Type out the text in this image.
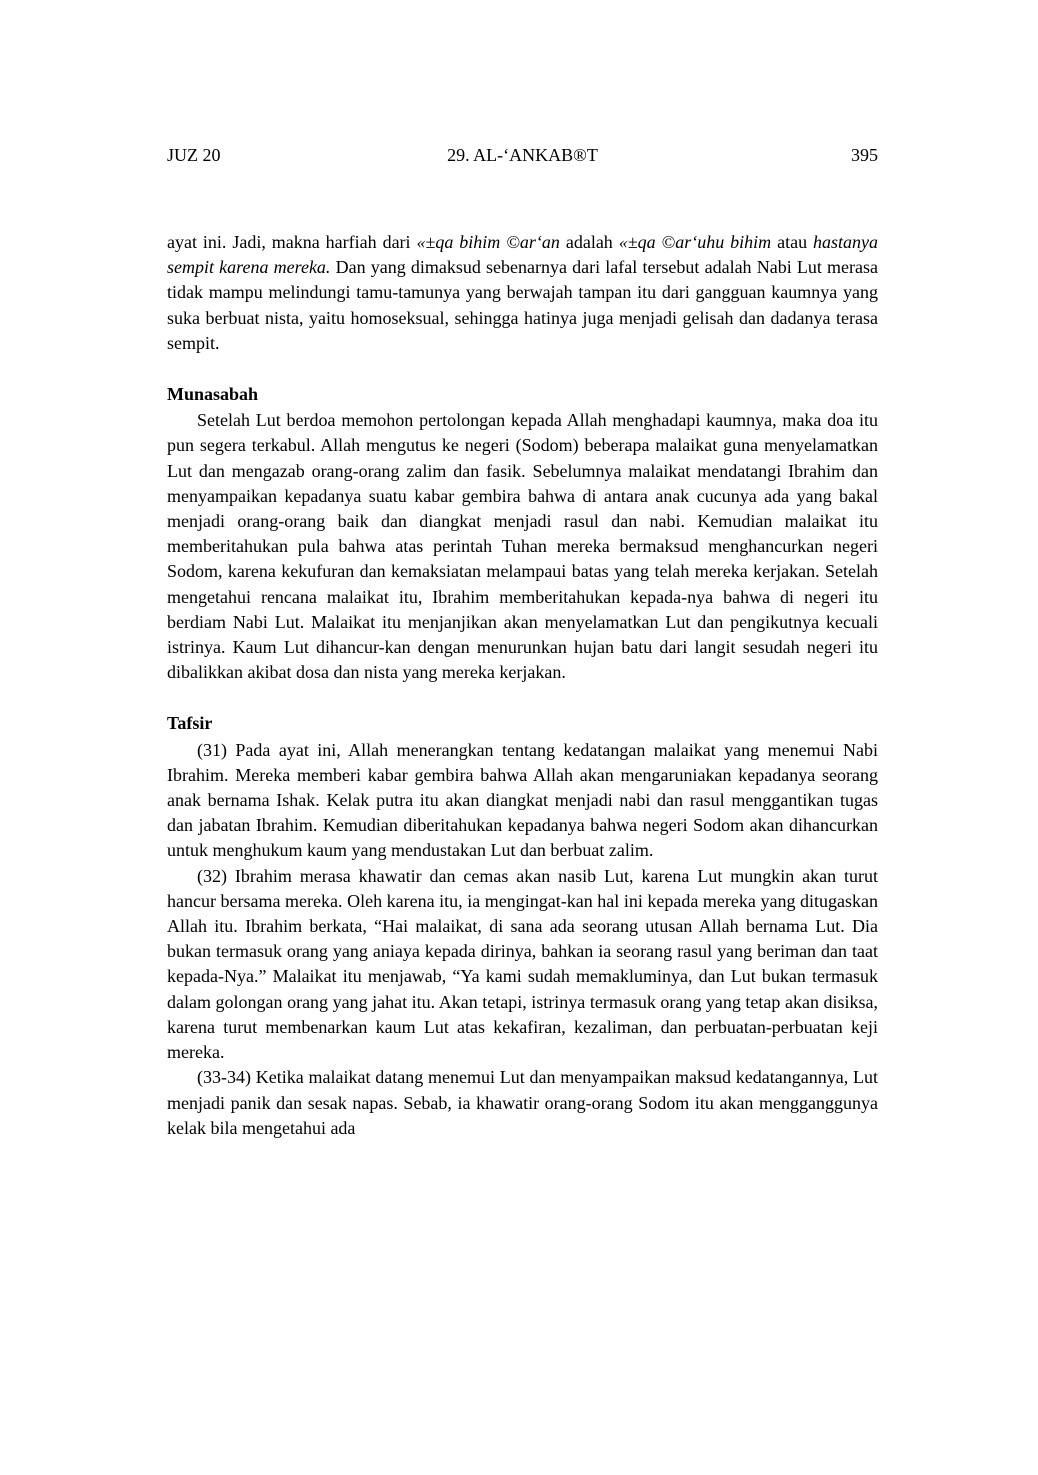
JUZ 20	29. AL-‘ANKAB®T	395

ayat ini. Jadi, makna harfiah dari «±qa bihim ©ar‘an adalah «±qa ©ar‘uhu bihim atau hastanya sempit karena mereka. Dan yang dimaksud sebenarnya dari lafal tersebut adalah Nabi Lut merasa tidak mampu melindungi tamu-tamunya yang berwajah tampan itu dari gangguan kaumnya yang suka berbuat nista, yaitu homoseksual, sehingga hatinya juga menjadi gelisah dan dadanya terasa sempit.

Munasabah

Setelah Lut berdoa memohon pertolongan kepada Allah menghadapi kaumnya, maka doa itu pun segera terkabul. Allah mengutus ke negeri (Sodom) beberapa malaikat guna menyelamatkan Lut dan mengazab orang-orang zalim dan fasik. Sebelumnya malaikat mendatangi Ibrahim dan menyampaikan kepadanya suatu kabar gembira bahwa di antara anak cucunya ada yang bakal menjadi orang-orang baik dan diangkat menjadi rasul dan nabi. Kemudian malaikat itu memberitahukan pula bahwa atas perintah Tuhan mereka bermaksud menghancurkan negeri Sodom, karena kekufuran dan kemaksiatan melampaui batas yang telah mereka kerjakan. Setelah mengetahui rencana malaikat itu, Ibrahim memberitahukan kepada-nya bahwa di negeri itu berdiam Nabi Lut. Malaikat itu menjanjikan akan menyelamatkan Lut dan pengikutnya kecuali istrinya. Kaum Lut dihancur-kan dengan menurunkan hujan batu dari langit sesudah negeri itu dibalikkan akibat dosa dan nista yang mereka kerjakan.

Tafsir

(31) Pada ayat ini, Allah menerangkan tentang kedatangan malaikat yang menemui Nabi Ibrahim. Mereka memberi kabar gembira bahwa Allah akan mengaruniakan kepadanya seorang anak bernama Ishak. Kelak putra itu akan diangkat menjadi nabi dan rasul menggantikan tugas dan jabatan Ibrahim. Kemudian diberitahukan kepadanya bahwa negeri Sodom akan dihancurkan untuk menghukum kaum yang mendustakan Lut dan berbuat zalim.

(32) Ibrahim merasa khawatir dan cemas akan nasib Lut, karena Lut mungkin akan turut hancur bersama mereka. Oleh karena itu, ia mengingat-kan hal ini kepada mereka yang ditugaskan Allah itu. Ibrahim berkata, “Hai malaikat, di sana ada seorang utusan Allah bernama Lut. Dia bukan termasuk orang yang aniaya kepada dirinya, bahkan ia seorang rasul yang beriman dan taat kepada-Nya.” Malaikat itu menjawab, “Ya kami sudah memakluminya, dan Lut bukan termasuk dalam golongan orang yang jahat itu. Akan tetapi, istrinya termasuk orang yang tetap akan disiksa, karena turut membenarkan kaum Lut atas kekafiran, kezaliman, dan perbuatan-perbuatan keji mereka.

(33-34) Ketika malaikat datang menemui Lut dan menyampaikan maksud kedatangannya, Lut menjadi panik dan sesak napas. Sebab, ia khawatir orang-orang Sodom itu akan mengganggunya kelak bila mengetahui ada
